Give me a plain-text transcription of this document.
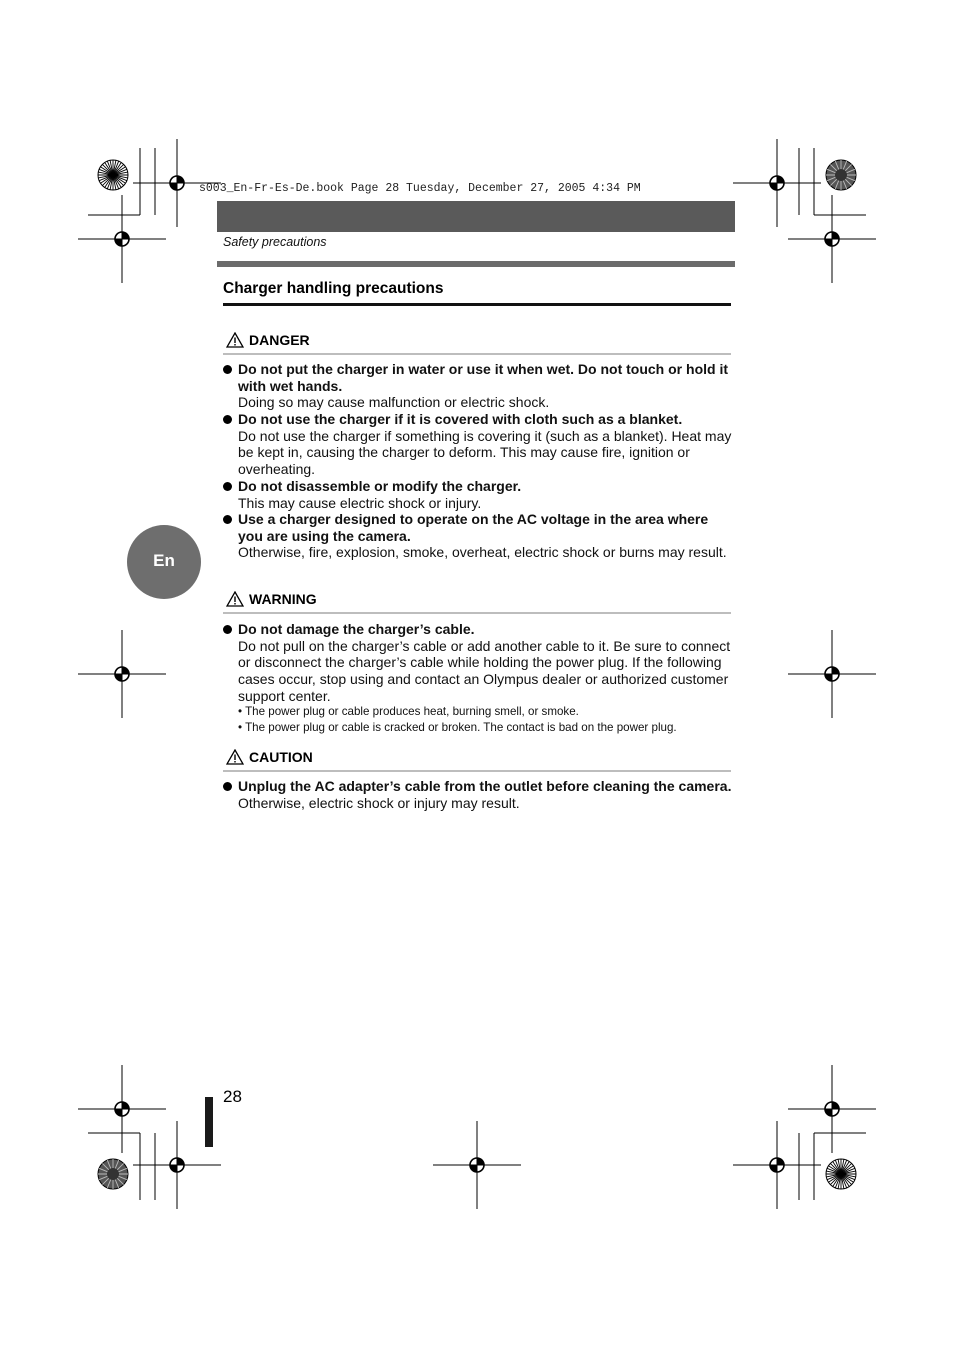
s003_En-Fr-Es-De.book Page 28 Tuesday, December 27, 2005 4:34 PM
Safety precautions
Charger handling precautions
En
DANGER
Do not put the charger in water or use it when wet. Do not touch or hold it with wet hands.
Doing so may cause malfunction or electric shock.
Do not use the charger if it is covered with cloth such as a blanket.
Do not use the charger if something is covering it (such as a blanket). Heat may be kept in, causing the charger to deform. This may cause fire, ignition or overheating.
Do not disassemble or modify the charger.
This may cause electric shock or injury.
Use a charger designed to operate on the AC voltage in the area where you are using the camera.
Otherwise, fire, explosion, smoke, overheat, electric shock or burns may result.
WARNING
Do not damage the charger’s cable.
Do not pull on the charger’s cable or add another cable to it. Be sure to connect or disconnect the charger’s cable while holding the power plug. If the following cases occur, stop using and contact an Olympus dealer or authorized customer support center.
• The power plug or cable produces heat, burning smell, or smoke.
• The power plug or cable is cracked or broken. The contact is bad on the power plug.
CAUTION
Unplug the AC adapter’s cable from the outlet before cleaning the camera.
Otherwise, electric shock or injury may result.
28
